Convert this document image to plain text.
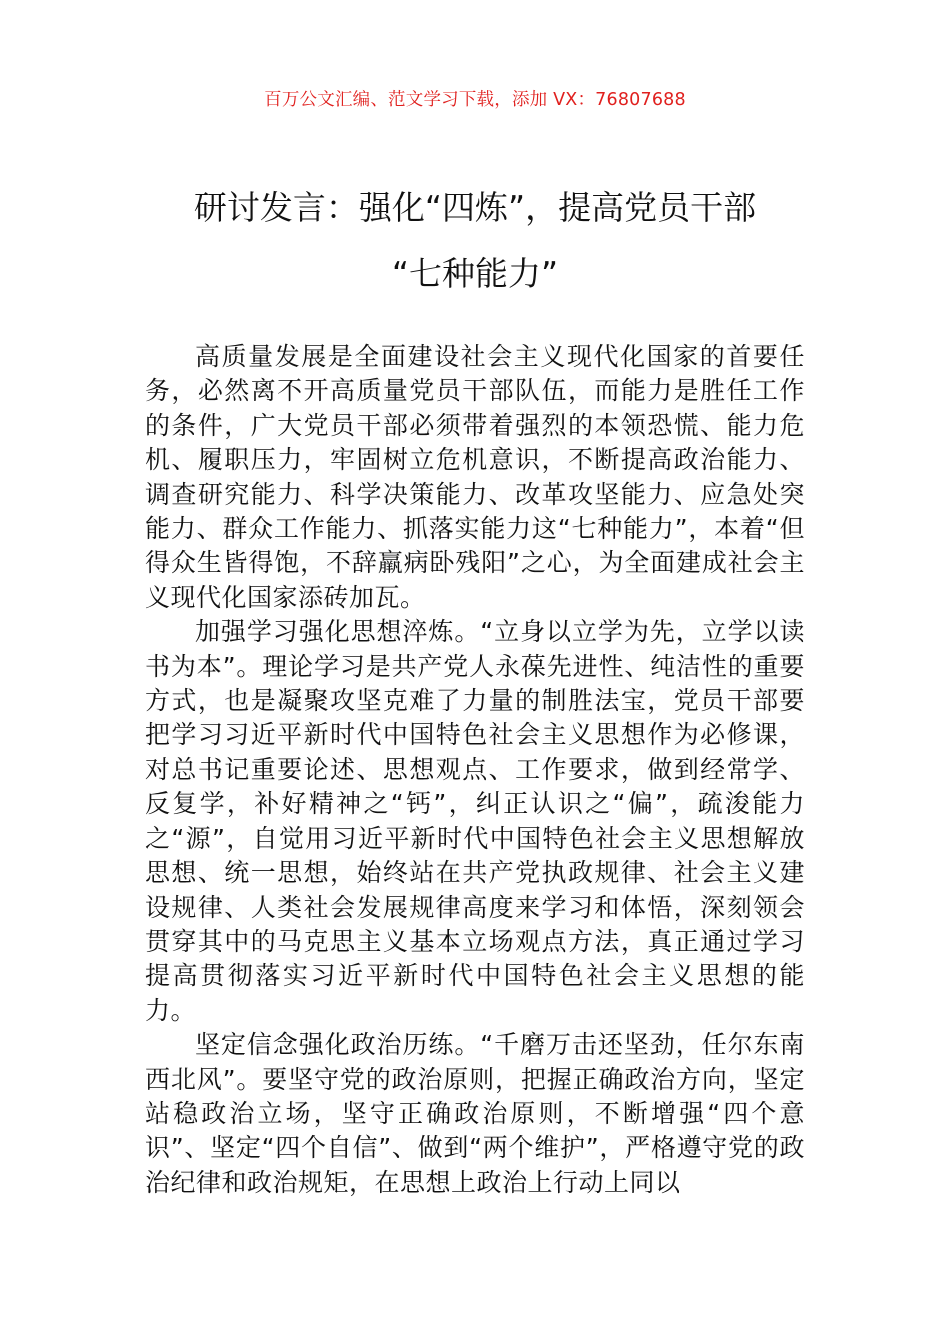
百万公文汇编、范文学习下载，添加 VX：76807688
研讨发言：强化“四炼”，提高党员干部
“七种能力”

高质量发展是全面建设社会主义现代化国家的首要任务，必然离不开高质量党员干部队伍，而能力是胜任工作的条件，广大党员干部必须带着强烈的本领恐慌、能力危机、履职压力，牢固树立危机意识，不断提高政治能力、调查研究能力、科学决策能力、改革攻坚能力、应急处突能力、群众工作能力、抓落实能力这“七种能力”，本着“但得众生皆得饱，不辞羸病卧残阳”之心，为全面建成社会主义现代化国家添砖加瓦。

加强学习强化思想淬炼。“立身以立学为先，立学以读书为本”。理论学习是共产党人永葆先进性、纯洁性的重要方式，也是凝聚攻坚克难了力量的制胜法宝，党员干部要把学习习近平新时代中国特色社会主义思想作为必修课，对总书记重要论述、思想观点、工作要求，做到经常学、反复学，补好精神之“钙”，纠正认识之“偏”，疏浚能力之“源”，自觉用习近平新时代中国特色社会主义思想解放思想、统一思想，始终站在共产党执政规律、社会主义建设规律、人类社会发展规律高度来学习和体悟，深刻领会贯穿其中的马克思主义基本立场观点方法，真正通过学习提高贯彻落实习近平新时代中国特色社会主义思想的能力。

坚定信念强化政治历练。“千磨万击还坚劲，任尔东南西北风”。要坚守党的政治原则，把握正确政治方向，坚定站稳政治立场，坚守正确政治原则，不断增强“四个意识”、坚定“四个自信”、做到“两个维护”，严格遵守党的政治纪律和政治规矩，在思想上政治上行动上同以
